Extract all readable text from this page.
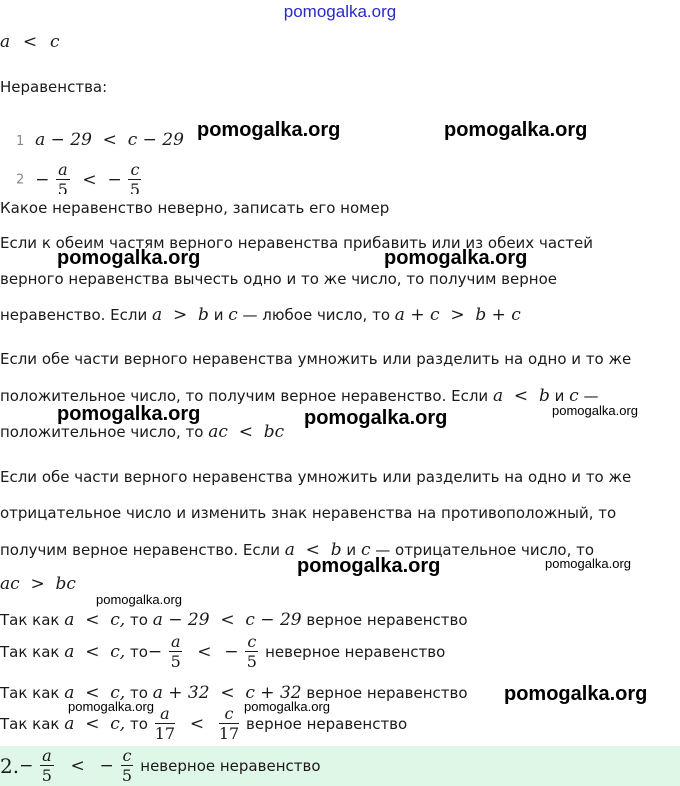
pomogalka.org
a < c
Неравенства:
1 a − 29 < c − 29
$2 - \frac{a}{5}$ < − $\frac{c}{5}$
Какое неравенство неверно, записать его номер
Если к обеим частям верного неравенства прибавить или из обеих частей
верного неравенства вычесть одно и то же число, то получим верное
неравенство. Если a  >  b и c — любое число, то a + c  >  b + c
Если обе части верного неравенства умножить или разделить на одно и то же
положительное число, то получим верное неравенство. Если a  <  b и c —
положительное число, то ac  <  bc
Если обе части верного неравенства умножить или разделить на одно и то же
отрицательное число и изменить знак неравенства на противоположный, то
получим верное неравенство. Если a  <  b и c — отрицательное число, то
ac  >  bc
Так как a  <  c, то a − 29  <  c − 29 верное неравенство
Так как a  <  c, $то- \frac{a}{5}$ < − $\frac{c}{5}$ неверное неравенство
Так как a  <  c, то a + 32  <  c + 32 верное неравенство
Так как a  <  c, то $\frac{a}{17} < \frac{c}{17}$ верное неравенство
$2.- \frac{a}{5}$ < − $\frac{c}{5}$ неверное неравенство
pomogalka.org	pomogalka.org
pomogalka.org	pomogalka.org
pomogalka.org	pomogalka.org	pomogalka.org
pomogalka.org	pomogalka.org
pomogalka.org
pomogalka.org
pomogalka.org	pomogalka.org
